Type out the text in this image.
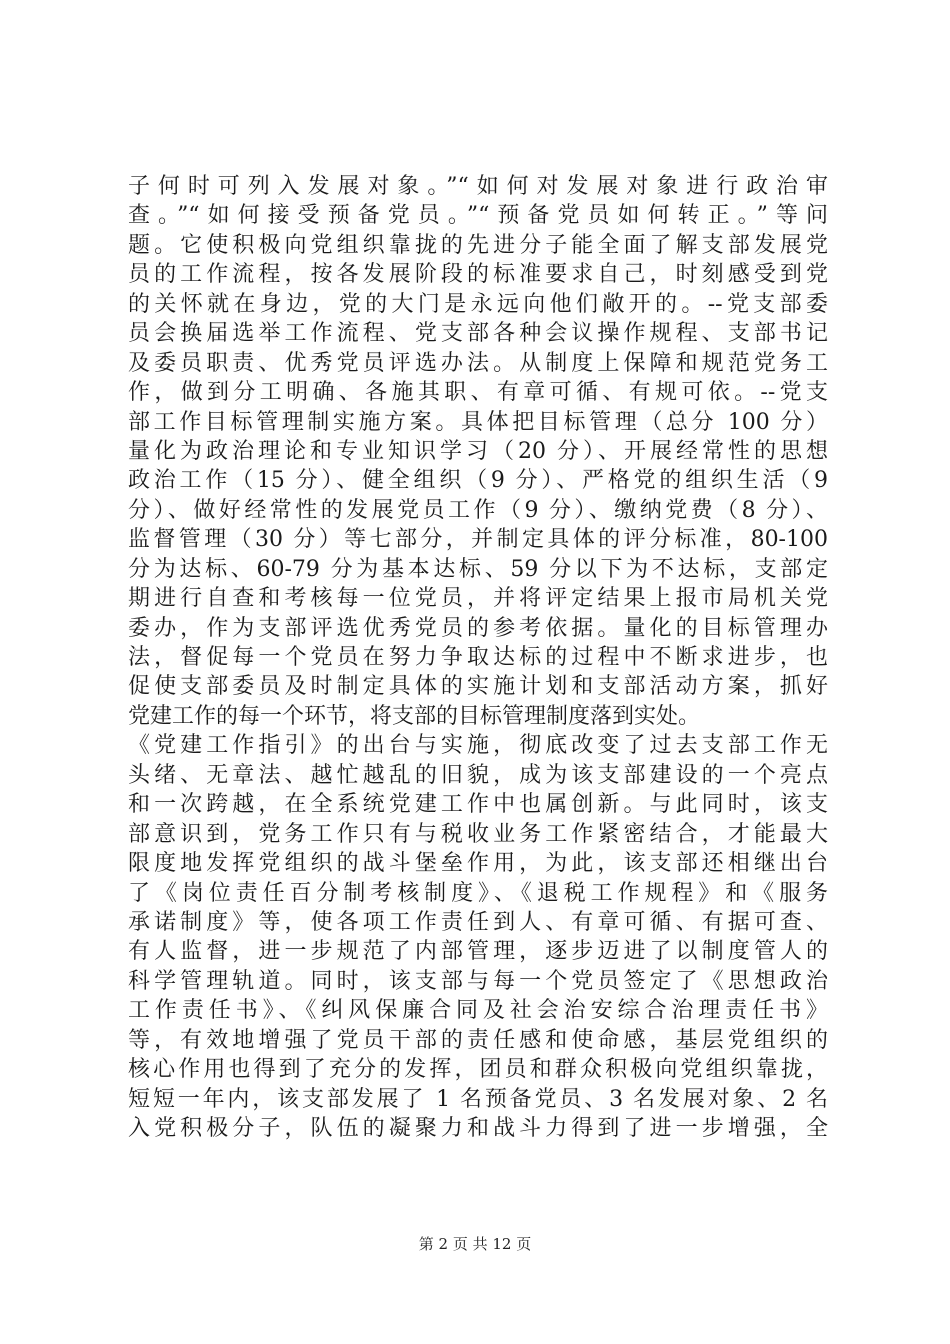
子何时可列入发展对象。”“如何对发展对象进行政治审
查。”“如何接受预备党员。”“预备党员如何转正。”等问
题。它使积极向党组织靠拢的先进分子能全面了解支部发展党
员的工作流程，按各发展阶段的标准要求自己，时刻感受到党
的关怀就在身边，党的大门是永远向他们敞开的。--党支部委
员会换届选举工作流程、党支部各种会议操作规程、支部书记
及委员职责、优秀党员评选办法。从制度上保障和规范党务工
作，做到分工明确、各施其职、有章可循、有规可依。--党支
部工作目标管理制实施方案。具体把目标管理（总分 100 分）
量化为政治理论和专业知识学习（20 分）、开展经常性的思想
政治工作（15 分）、健全组织（9 分）、严格党的组织生活（9
分）、做好经常性的发展党员工作（9 分）、缴纳党费（8 分）、
监督管理（30 分）等七部分，并制定具体的评分标准，80-100
分为达标、60-79 分为基本达标、59 分以下为不达标，支部定
期进行自查和考核每一位党员，并将评定结果上报市局机关党
委办，作为支部评选优秀党员的参考依据。量化的目标管理办
法，督促每一个党员在努力争取达标的过程中不断求进步，也
促使支部委员及时制定具体的实施计划和支部活动方案，抓好
党建工作的每一个环节，将支部的目标管理制度落到实处。
《党建工作指引》的出台与实施，彻底改变了过去支部工作无
头绪、无章法、越忙越乱的旧貌，成为该支部建设的一个亮点
和一次跨越，在全系统党建工作中也属创新。与此同时，该支
部意识到，党务工作只有与税收业务工作紧密结合，才能最大
限度地发挥党组织的战斗堡垒作用，为此，该支部还相继出台
了《岗位责任百分制考核制度》、《退税工作规程》和《服务
承诺制度》等，使各项工作责任到人、有章可循、有据可查、
有人监督，进一步规范了内部管理，逐步迈进了以制度管人的
科学管理轨道。同时，该支部与每一个党员签定了《思想政治
工作责任书》、《纠风保廉合同及社会治安综合治理责任书》
等，有效地增强了党员干部的责任感和使命感，基层党组织的
核心作用也得到了充分的发挥，团员和群众积极向党组织靠拢，
短短一年内，该支部发展了 1 名预备党员、3 名发展对象、2 名
入党积极分子，队伍的凝聚力和战斗力得到了进一步增强，全
第 2 页 共 12 页
